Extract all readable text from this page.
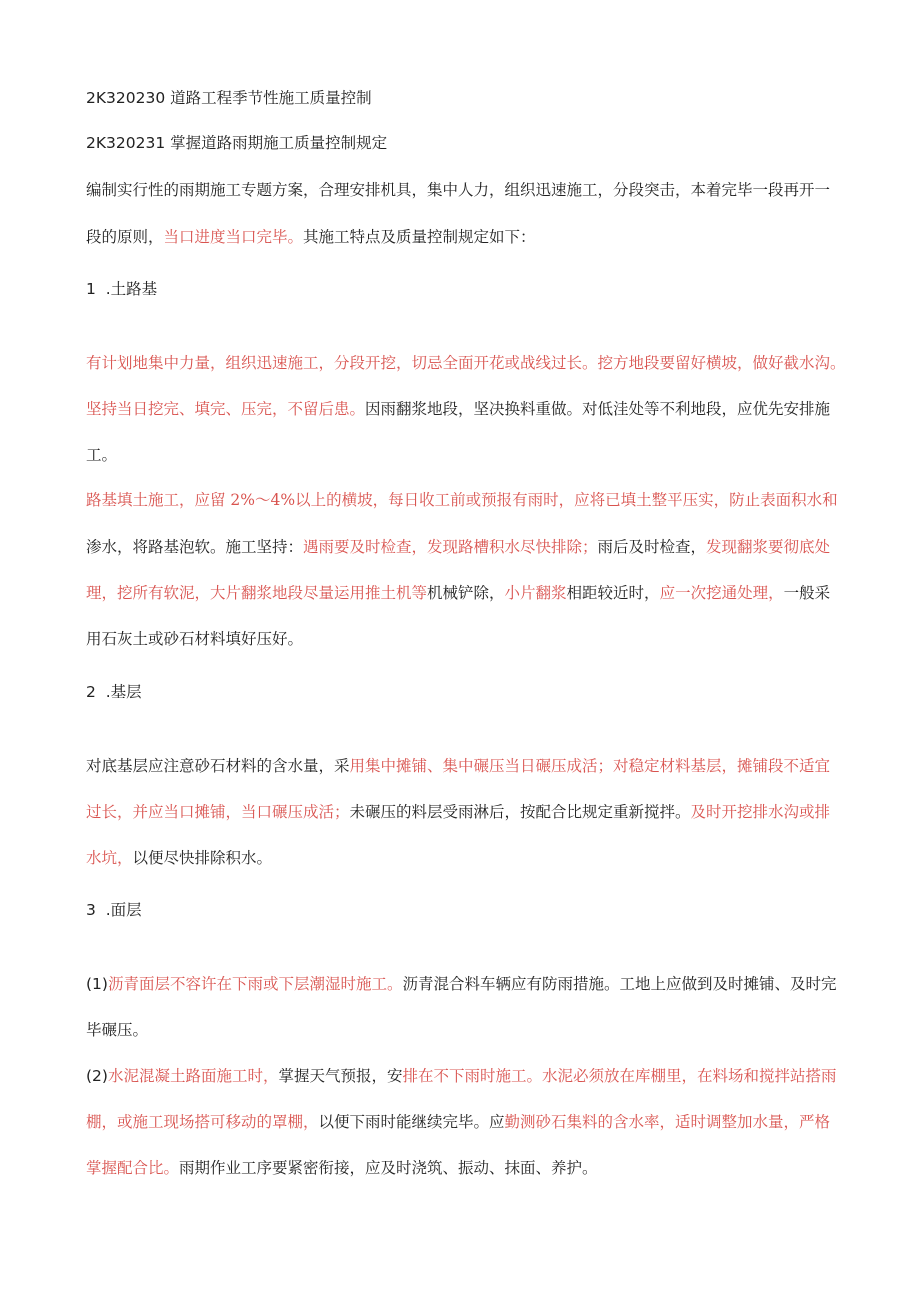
2K320230 道路工程季节性施工质量控制
2K320231 掌握道路雨期施工质量控制规定
编制实行性的雨期施工专题方案，合理安排机具，集中人力，组织迅速施工，分段突击，本着完毕一段再开一
段的原则，当口进度当口完毕。其施工特点及质量控制规定如下：
1  .土路基
有计划地集中力量，组织迅速施工，分段开挖，切忌全面开花或战线过长。挖方地段要留好横坡，做好截水沟。
坚持当日挖完、填完、压完，不留后患。因雨翻浆地段，坚决换料重做。对低洼处等不利地段，应优先安排施
工。
路基填土施工，应留 2%～4%以上的横坡，每日收工前或预报有雨时，应将已填土整平压实，防止表面积水和
渗水，将路基泡软。施工坚持：遇雨要及时检查，发现路槽积水尽快排除；雨后及时检查，发现翻浆要彻底处
理，挖所有软泥，大片翻浆地段尽量运用推土机等机械铲除，小片翻浆相距较近时，应一次挖通处理，一般采
用石灰土或砂石材料填好压好。
2  .基层
对底基层应注意砂石材料的含水量，采用集中摊铺、集中碾压当日碾压成活；对稳定材料基层，摊铺段不适宜
过长，并应当口摊铺，当口碾压成活；未碾压的料层受雨淋后，按配合比规定重新搅拌。及时开挖排水沟或排
水坑，以便尽快排除积水。
3  .面层
(1)沥青面层不容许在下雨或下层潮湿时施工。沥青混合料车辆应有防雨措施。工地上应做到及时摊铺、及时完
毕碾压。
(2)水泥混凝土路面施工时，掌握天气预报，安排在不下雨时施工。水泥必须放在库棚里，在料场和搅拌站搭雨
棚，或施工现场搭可移动的罩棚，以便下雨时能继续完毕。应勤测砂石集料的含水率，适时调整加水量，严格
掌握配合比。雨期作业工序要紧密衔接，应及时浇筑、振动、抹面、养护。
